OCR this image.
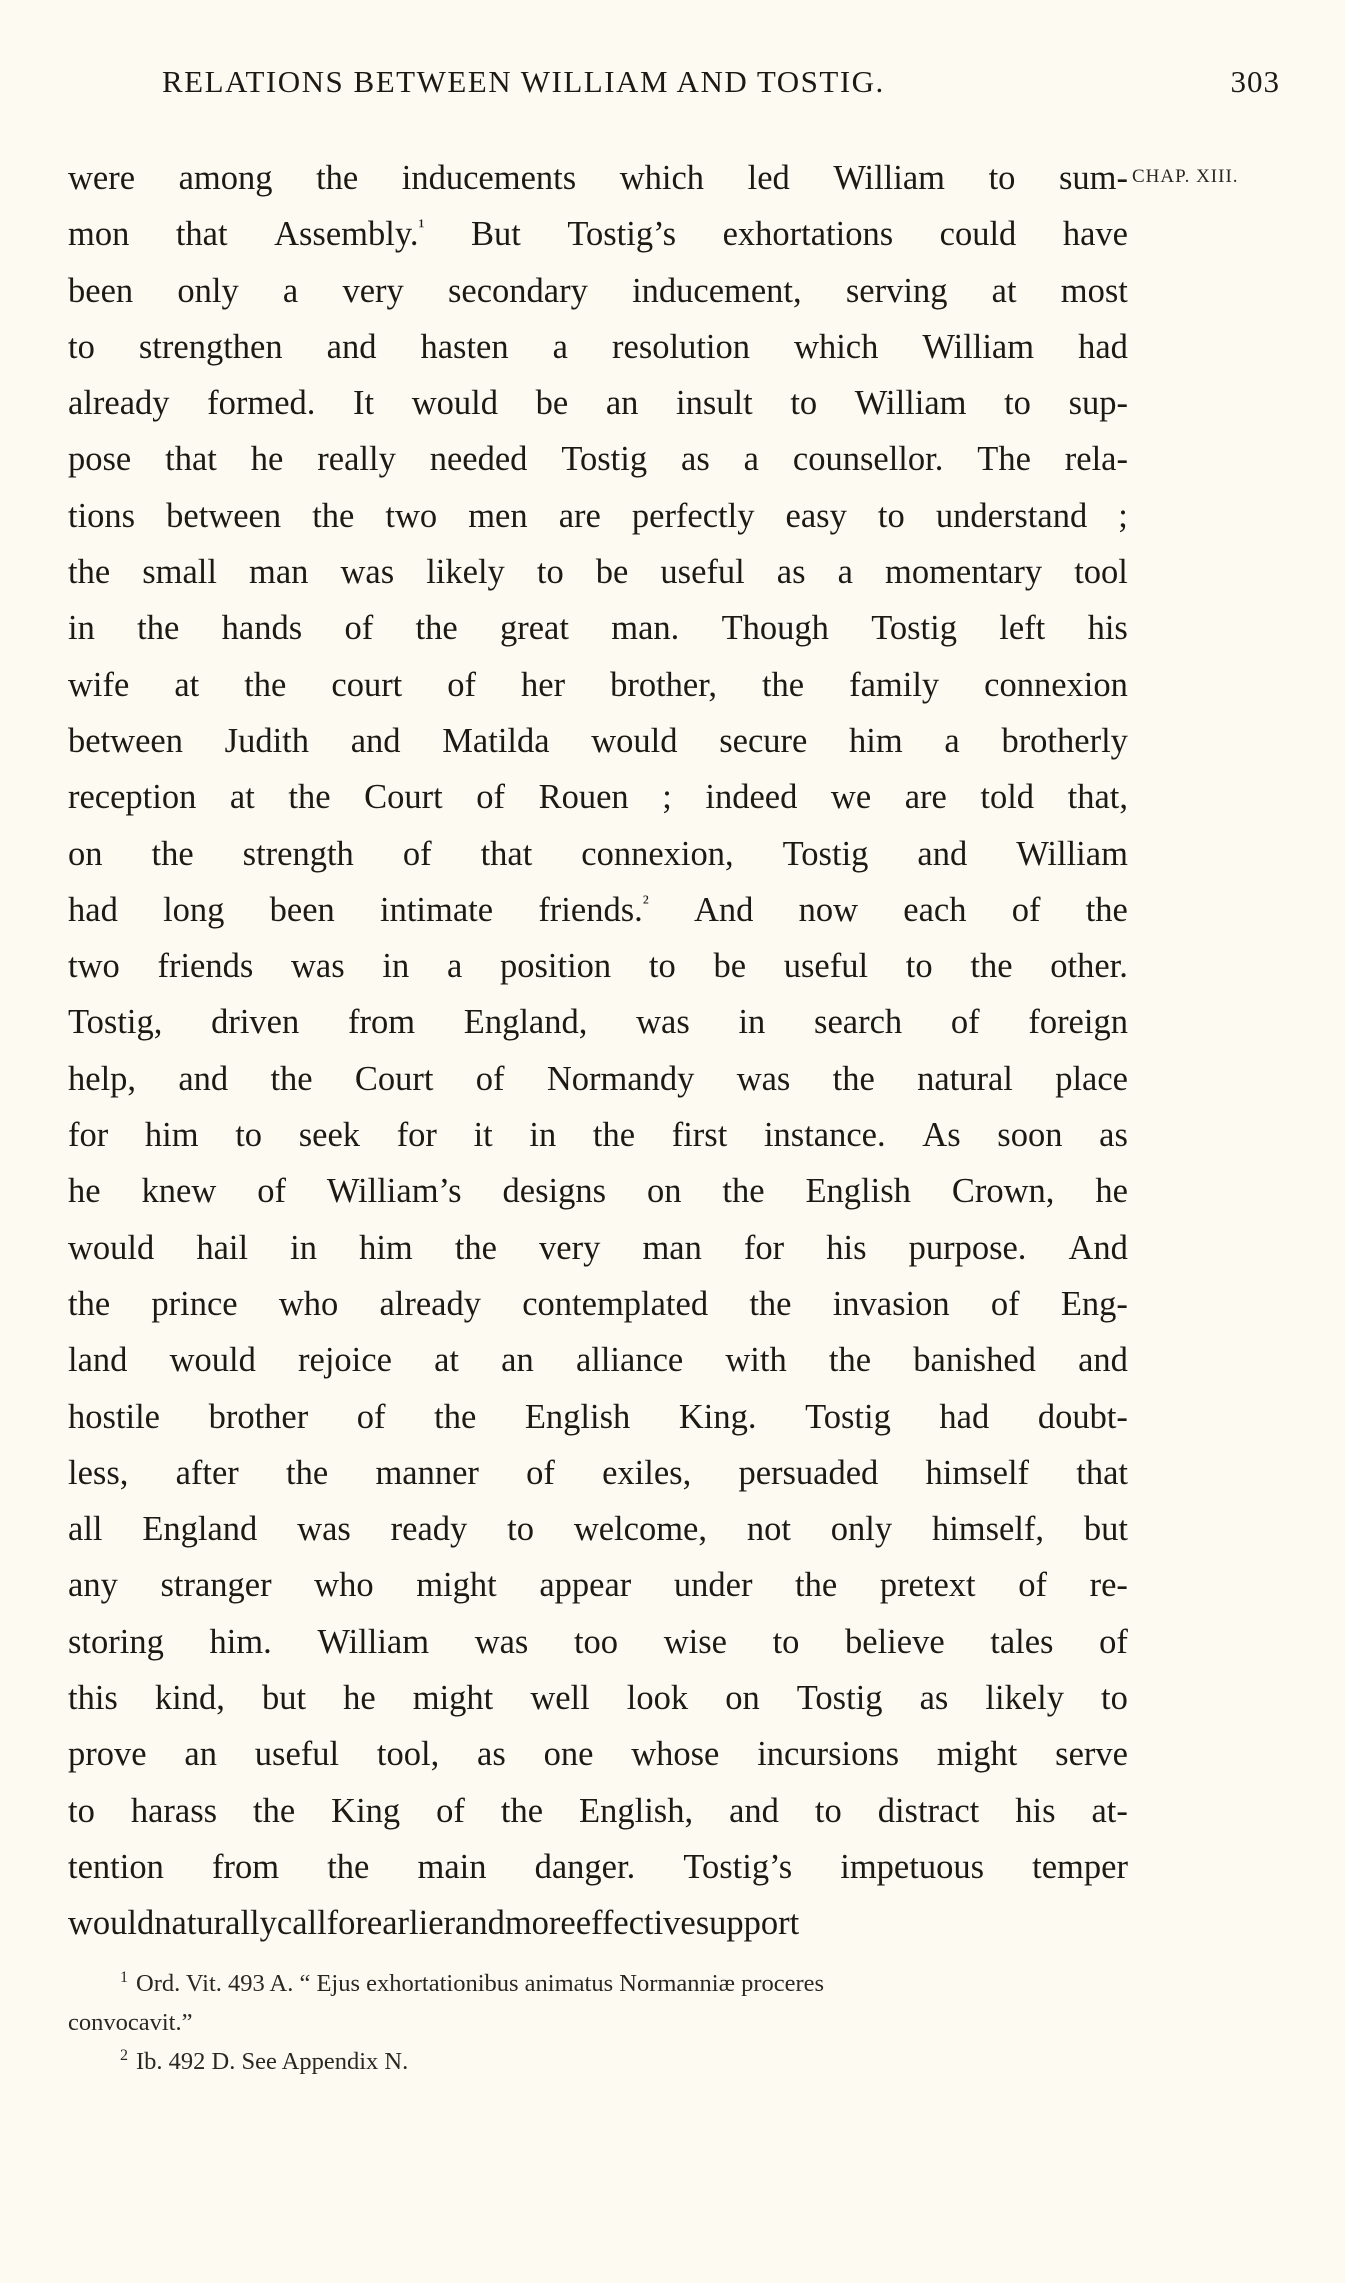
RELATIONS BETWEEN WILLIAM AND TOSTIG.	303
CHAP. XIII.
were among the inducements which led William to sum-
mon that Assembly.$^{^1}$ But Tostig’s exhortations could have
been only a very secondary inducement, serving at most
to strengthen and hasten a resolution which William had
already formed. It would be an insult to William to sup-
pose that he really needed Tostig as a counsellor. The rela-
tions between the two men are perfectly easy to understand ;
the small man was likely to be useful as a momentary tool
in the hands of the great man. Though Tostig left his
wife at the court of her brother, the family connexion
between Judith and Matilda would secure him a brotherly
reception at the Court of Rouen ; indeed we are told that,
on the strength of that connexion, Tostig and William
had long been intimate friends.$^{^2}$ And now each of the
two friends was in a position to be useful to the other.
Tostig, driven from England, was in search of foreign
help, and the Court of Normandy was the natural place
for him to seek for it in the first instance. As soon as
he knew of William’s designs on the English Crown, he
would hail in him the very man for his purpose. And
the prince who already contemplated the invasion of Eng-
land would rejoice at an alliance with the banished and
hostile brother of the English King. Tostig had doubt-
less, after the manner of exiles, persuaded himself that
all England was ready to welcome, not only himself, but
any stranger who might appear under the pretext of re-
storing him. William was too wise to believe tales of
this kind, but he might well look on Tostig as likely to
prove an useful tool, as one whose incursions might serve
to harass the King of the English, and to distract his at-
tention from the main danger. Tostig’s impetuous temper
would naturally call for earlier and more effective support
$^1$ Ord. Vit. 493 A. “ Ejus exhortationibus animatus Normanniæ proceres
convocavit.”
$^2$ Ib. 492 D. See Appendix N.
